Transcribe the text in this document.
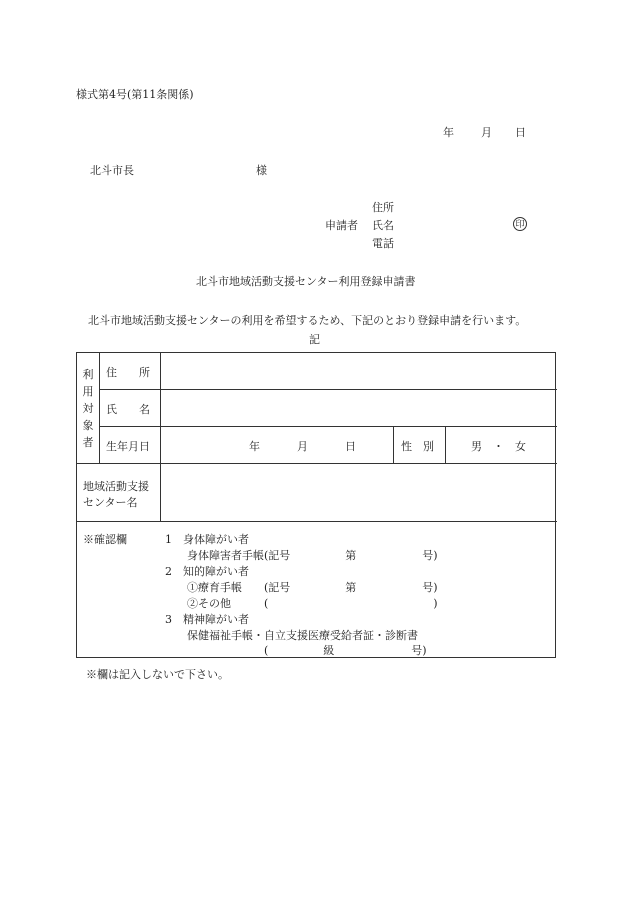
様式第4号(第11条関係)
年 月 日
北斗市長	様
住所
申請者 氏名	印
電話
北斗市地域活動支援センター利用登録申請書
北斗市地域活動支援センターの利用を希望するため、下記のとおり登録申請を行います。
記
利
用
対
象
者
住　　所
氏　　名
生年月日	年	月	日	性　別	男　・　女
地域活動支援
センター名
※確認欄	1　身体障がい者
　　身体障害者手帳(記号　　　　　第　　　　　　号)
2　知的障がい者
　　①療育手帳　　(記号　　　　　第　　　　　　号)
　　②その他　　　(　　　　　　　　　　　　　　　)
3　精神障がい者
　　保健福祉手帳・自立支援医療受給者証・診断書
　　　　　　　　　(　　　　　級　　　　　　　号)
※欄は記入しないで下さい。
